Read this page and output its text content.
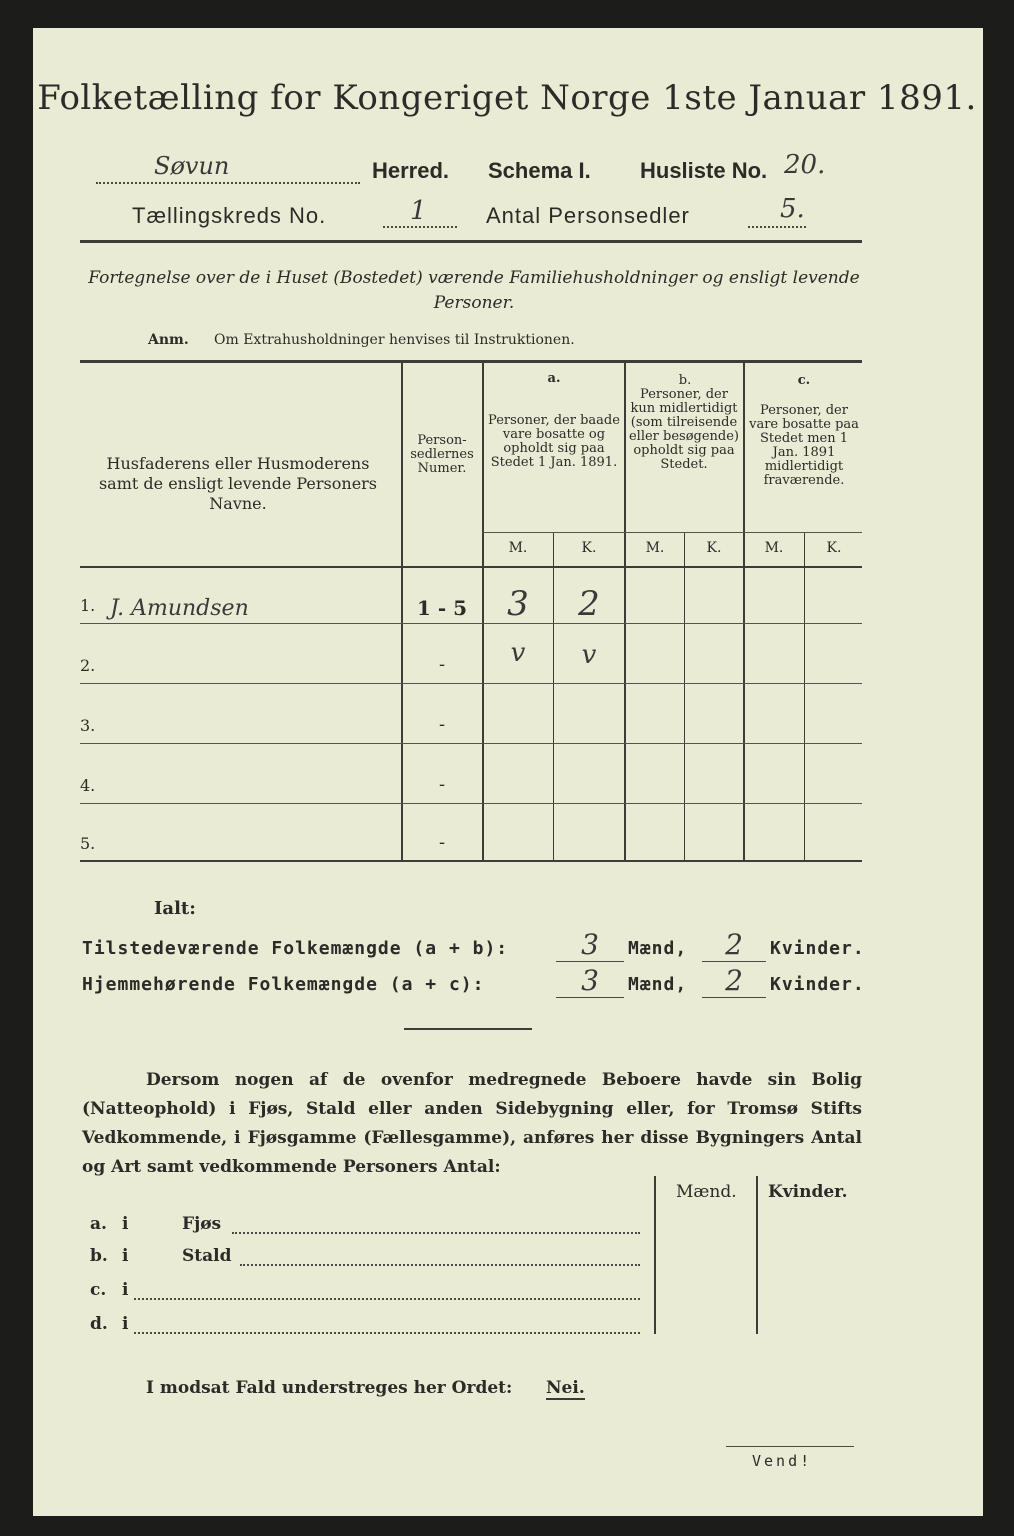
Folketælling for Kongeriget Norge 1ste Januar 1891.
Søvun	Herred. Schema I. Husliste No. 20.
Tællingskreds No.	1	Antal Personsedler	5.
Fortegnelse over de i Huset (Bostedet) værende Familiehusholdninger og ensligt levende Personer.
Anm. Om Extrahusholdninger henvises til Instruktionen.
Husfaderens eller Husmoderens samt de ensligt levende Personers Navne.
Person-sedlernes Numer.
a.
Personer, der baade vare bosatte og opholdt sig paa Stedet 1 Jan. 1891.
b.
Personer, der kun midlertidigt (som tilreisende eller besøgende) opholdt sig paa Stedet.
c.
Personer, der vare bosatte paa Stedet men 1 Jan. 1891 midlertidigt fraværende.
M.	K.	M.	K.	M.	K.
1. J. Amundsen	1 - 5	3	2
2.	-	v	v
3.	-
4.	-
5.	-
Ialt:
Tilstedeværende Folkemængde (a + b):	3	Mænd,	2	Kvinder.
Hjemmehørende Folkemængde (a + c):	3	Mænd,	2	Kvinder.
Dersom nogen af de ovenfor medregnede Beboere havde sin Bolig (Natteophold) i Fjøs, Stald eller anden Sidebygning eller, for Tromsø Stifts Vedkommende, i Fjøsgamme (Fællesgamme), anføres her disse Bygningers Antal og Art samt vedkommende Personers Antal:
Mænd. Kvinder.
a. i	Fjøs
b. i	Stald
c. i
d. i
I modsat Fald understreges her Ordet: Nei.
Vend!
